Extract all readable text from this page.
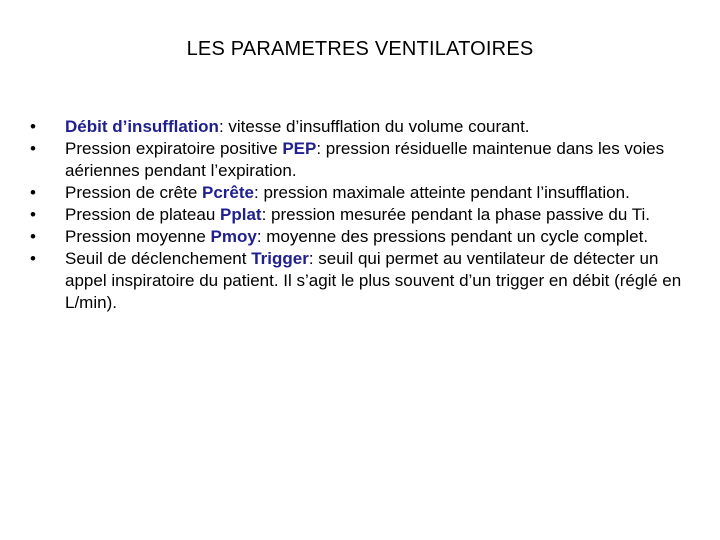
LES PARAMETRES VENTILATOIRES
•	Débit d’insufflation: vitesse d’insufflation du volume courant.
•	Pression expiratoire positive PEP: pression résiduelle maintenue dans les voies aériennes pendant l’expiration.
•	Pression de crête Pcrête: pression maximale atteinte pendant l’insufflation.
•	Pression de plateau Pplat: pression mesurée pendant la phase passive du Ti.
•	Pression moyenne Pmoy: moyenne des pressions pendant un cycle complet.
•	Seuil de déclenchement Trigger: seuil qui permet au ventilateur de détecter un appel inspiratoire du patient. Il s’agit le plus souvent d’un trigger en débit (réglé en L/min).
